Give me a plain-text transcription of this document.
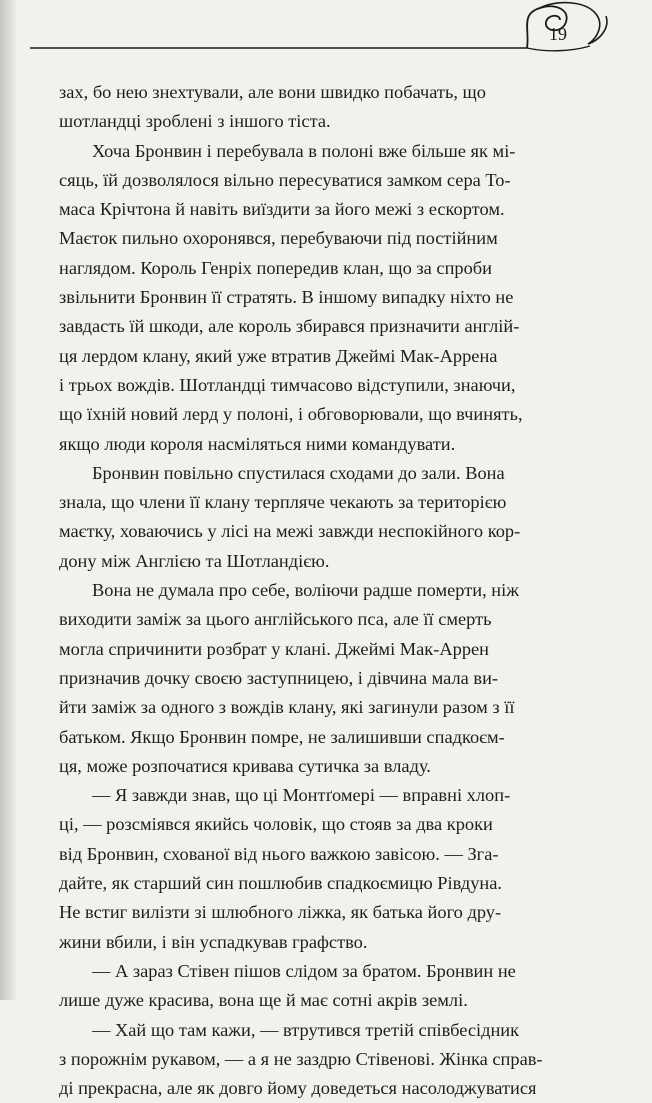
19

зах, бо нею знехтували, але вони швидко побачать, що

шотландці зроблені з іншого тіста.

Хоча Бронвин і перебувала в полоні вже більше як мі-

сяць, їй дозволялося вільно пересуватися замком сера То-

маса Крічтона й навіть виїздити за його межі з ескортом.

Маєток пильно охоронявся, перебуваючи під постійним

наглядом. Король Генріх попередив клан, що за спроби

звільнити Бронвин її стратять. В іншому випадку ніхто не

завдасть їй шкоди, але король збирався призначити англій-

ця лердом клану, який уже втратив Джеймі Мак-Аррена

і трьох вождів. Шотландці тимчасово відступили, знаючи,

що їхній новий лерд у полоні, і обговорювали, що вчинять,

якщо люди короля насміляться ними командувати.

Бронвин повільно спустилася сходами до зали. Вона

знала, що члени її клану терпляче чекають за територією

маєтку, ховаючись у лісі на межі завжди неспокійного кор-

дону між Англією та Шотландією.

Вона не думала про себе, воліючи радше померти, ніж

виходити заміж за цього англійського пса, але її смерть

могла спричинити розбрат у клані. Джеймі Мак-Аррен

призначив дочку своєю заступницею, і дівчина мала ви-

йти заміж за одного з вождів клану, які загинули разом з її

батьком. Якщо Бронвин помре, не залишивши спадкоєм-

ця, може розпочатися кривава сутичка за владу.

— Я завжди знав, що ці Монтґомері — вправні хлоп-

ці, — розсміявся якийсь чоловік, що стояв за два кроки

від Бронвин, схованої від нього важкою завісою. — Зга-

дайте, як старший син пошлюбив спадкоємицю Рівдуна.

Не встиг вилізти зі шлюбного ліжка, як батька його дру-

жини вбили, і він успадкував графство.

— А зараз Стівен пішов слідом за братом. Бронвин не

лише дуже красива, вона ще й має сотні акрів землі.

— Хай що там кажи, — втрутився третій співбесідник

з порожнім рукавом, — а я не заздрю Стівенові. Жінка справ-

ді прекрасна, але як довго йому доведеться насолоджуватися
